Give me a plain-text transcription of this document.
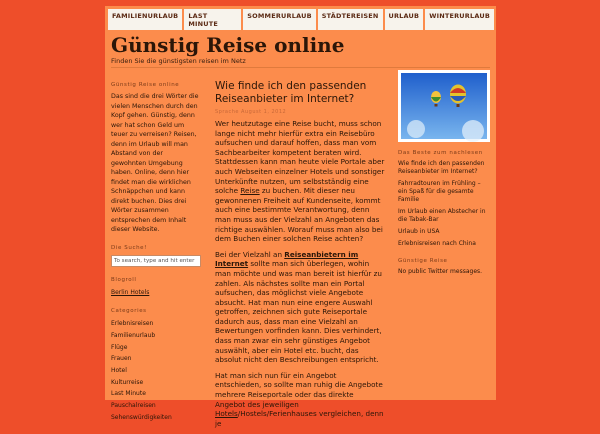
FAMILIENURLAUB	LAST MINUTE
SOMMERURLAUB	STÄDTEREISEN	URLAUB	WINTERURLAUB
Günstig Reise online
Finden Sie die günstigsten reisen im Netz
Günstig Reise online

Das sind die drei Wörter die vielen Menschen durch den Kopf gehen. Günstig, denn wer hat schon Geld um teuer zu verreisen? Reisen, denn im Urlaub will man Abstand von der gewohnten Umgebung haben. Online, denn hier findet man die wirklichen Schnäppchen und kann direkt buchen. Dies drei Wörter zusammen entsprechen dem Inhalt dieser Website.

Die Suche!
To search, type and hit enter
Blogroll
Berlin Hotels
Categories
Erlebnisreisen
Familienurlaub
Flüge
Frauen
Hotel
Kulturreise
Last Minute
Pauschalreisen
Sehenswürdigkeiten
Wie finde ich den passenden Reiseanbieter im Internet?
Sprache August 1, 2012

Wer heutzutage eine Reise bucht, muss schon lange nicht mehr hierfür extra ein Reisebüro aufsuchen und darauf hoffen, dass man vom Sachbearbeiter kompetent beraten wird. Stattdessen kann man heute viele Portale aber auch Webseiten einzelner Hotels und sonstiger Unterkünfte nutzen, um selbstständig eine solche Reise zu buchen. Mit dieser neu gewonnenen Freiheit auf Kundenseite, kommt auch eine bestimmte Verantwortung, denn man muss aus der Vielzahl an Angeboten das richtige auswählen. Worauf muss man also bei dem Buchen einer solchen Reise achten?

Bei der Vielzahl an Reiseanbietern im Internet sollte man sich überlegen, wohin man möchte und was man bereit ist hierfür zu zahlen. Als nächstes sollte man ein Portal aufsuchen, das möglichst viele Angebote absucht. Hat man nun eine engere Auswahl getroffen, zeichnen sich gute Reiseportale dadurch aus, dass man eine Vielzahl an Bewertungen vorfinden kann. Dies verhindert, dass man zwar ein sehr günstiges Angebot auswählt, aber ein Hotel etc. bucht, das absolut nicht den Beschreibungen entspricht.

Hat man sich nun für ein Angebot entschieden, so sollte man ruhig die Angebote mehrere Reiseportale oder das direkte Angebot des jeweiligen Hotels/Hostels/Ferienhauses vergleichen, denn je

Das Beste zum nachlesen
Wie finde ich den passenden Reiseanbieter im Internet?
Fahrradtouren im Frühling – ein Spaß für die gesamte Familie
Im Urlaub einen Abstecher in die Tabak-Bar
Urlaub in USA
Erlebnisreisen nach China
Günstige Reise
No public Twitter messages.
